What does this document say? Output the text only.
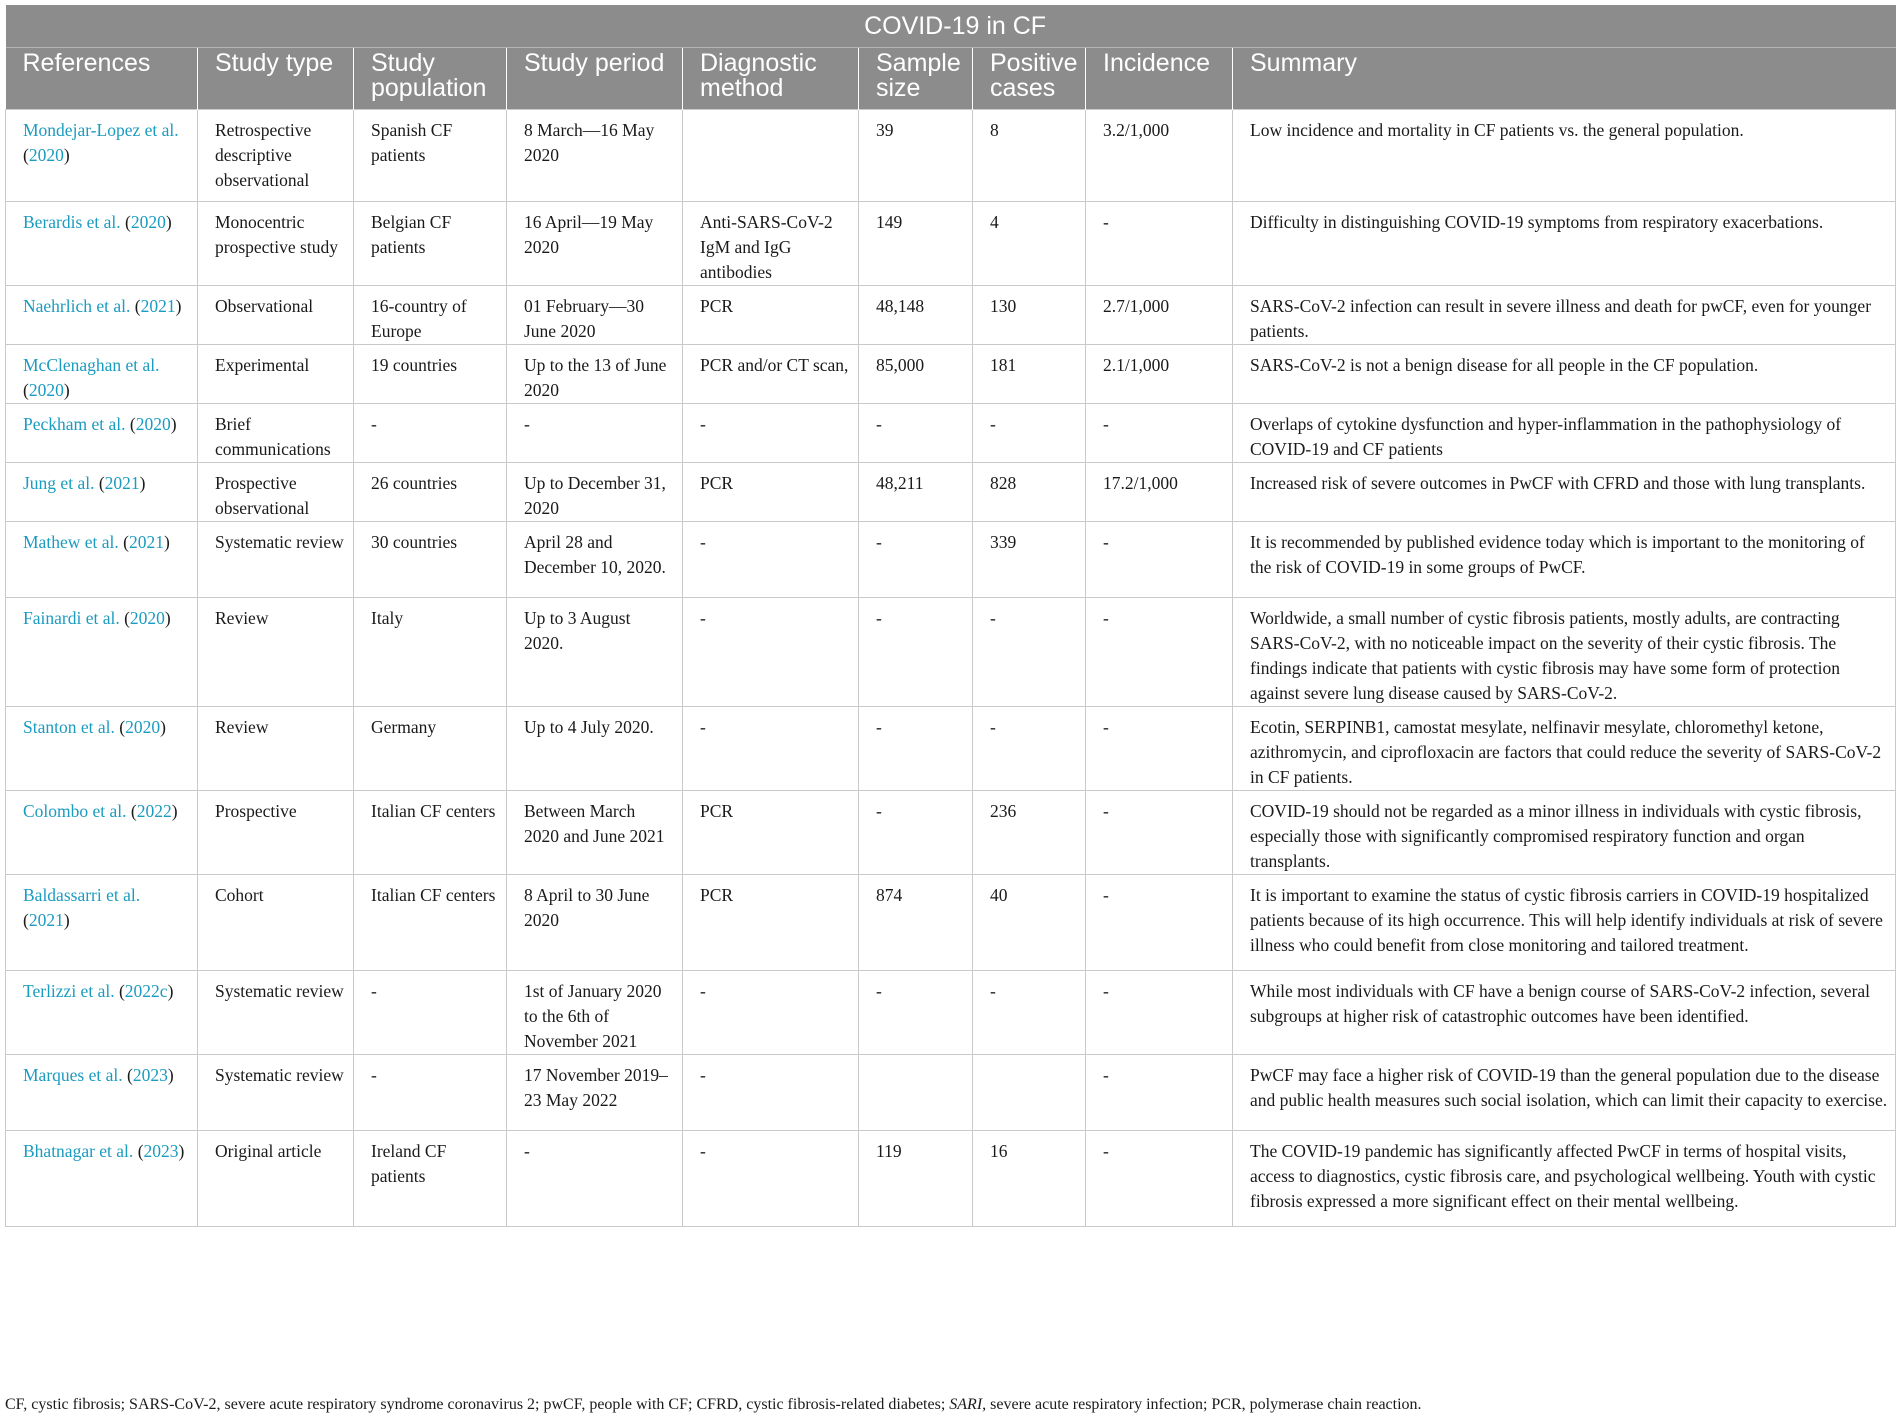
COVID-19 in CF								
References	Study type	Study population	Study period	Diagnostic method	Sample size	Positive cases	Incidence	Summary
Mondejar-Lopez et al. (2020)	Retrospective descriptive observational	Spanish CF patients	8 March—16 May 2020		39	8	3.2/1,000	Low incidence and mortality in CF patients vs. the general population.
Berardis et al. (2020)	Monocentric prospective study	Belgian CF patients	16 April—19 May 2020	Anti-SARS-CoV-2 IgM and IgG antibodies	149	4	-	Difficulty in distinguishing COVID-19 symptoms from respiratory exacerbations.
Naehrlich et al. (2021)	Observational	16-country of Europe	01 February—30 June 2020	PCR	48,148	130	2.7/1,000	SARS-CoV-2 infection can result in severe illness and death for pwCF, even for younger patients.
McClenaghan et al. (2020)	Experimental	19 countries	Up to the 13 of June 2020	PCR and/or CT scan,	85,000	181	2.1/1,000	SARS-CoV-2 is not a benign disease for all people in the CF population.
Peckham et al. (2020)	Brief communications	-	-	-	-	-	-	Overlaps of cytokine dysfunction and hyper-inflammation in the pathophysiology of COVID-19 and CF patients
Jung et al. (2021)	Prospective observational	26 countries	Up to December 31, 2020	PCR	48,211	828	17.2/1,000	Increased risk of severe outcomes in PwCF with CFRD and those with lung transplants.
Mathew et al. (2021)	Systematic review	30 countries	April 28 and December 10, 2020.	-	-	339	-	It is recommended by published evidence today which is important to the monitoring of the risk of COVID-19 in some groups of PwCF.
Fainardi et al. (2020)	Review	Italy	Up to 3 August 2020.	-	-	-	-	Worldwide, a small number of cystic fibrosis patients, mostly adults, are contracting SARS-CoV-2, with no noticeable impact on the severity of their cystic fibrosis. The findings indicate that patients with cystic fibrosis may have some form of protection against severe lung disease caused by SARS-CoV-2.
Stanton et al. (2020)	Review	Germany	Up to 4 July 2020.	-	-	-	-	Ecotin, SERPINB1, camostat mesylate, nelfinavir mesylate, chloromethyl ketone, azithromycin, and ciprofloxacin are factors that could reduce the severity of SARS-CoV-2 in CF patients.
Colombo et al. (2022)	Prospective	Italian CF centers	Between March 2020 and June 2021	PCR	-	236	-	COVID-19 should not be regarded as a minor illness in individuals with cystic fibrosis, especially those with significantly compromised respiratory function and organ transplants.
Baldassarri et al. (2021)	Cohort	Italian CF centers	8 April to 30 June 2020	PCR	874	40	-	It is important to examine the status of cystic fibrosis carriers in COVID-19 hospitalized patients because of its high occurrence. This will help identify individuals at risk of severe illness who could benefit from close monitoring and tailored treatment.
Terlizzi et al. (2022c)	Systematic review	-	1st of January 2020 to the 6th of November 2021	-	-	-	-	While most individuals with CF have a benign course of SARS-CoV-2 infection, several subgroups at higher risk of catastrophic outcomes have been identified.
Marques et al. (2023)	Systematic review	-	17 November 2019–23 May 2022	-			-	PwCF may face a higher risk of COVID-19 than the general population due to the disease and public health measures such social isolation, which can limit their capacity to exercise.
Bhatnagar et al. (2023)	Original article	Ireland CF patients	-	-	119	16	-	The COVID-19 pandemic has significantly affected PwCF in terms of hospital visits, access to diagnostics, cystic fibrosis care, and psychological wellbeing. Youth with cystic fibrosis expressed a more significant effect on their mental wellbeing.
CF, cystic fibrosis; SARS-CoV-2, severe acute respiratory syndrome coronavirus 2; pwCF, people with CF; CFRD, cystic fibrosis-related diabetes; SARI, severe acute respiratory infection; PCR, polymerase chain reaction.
